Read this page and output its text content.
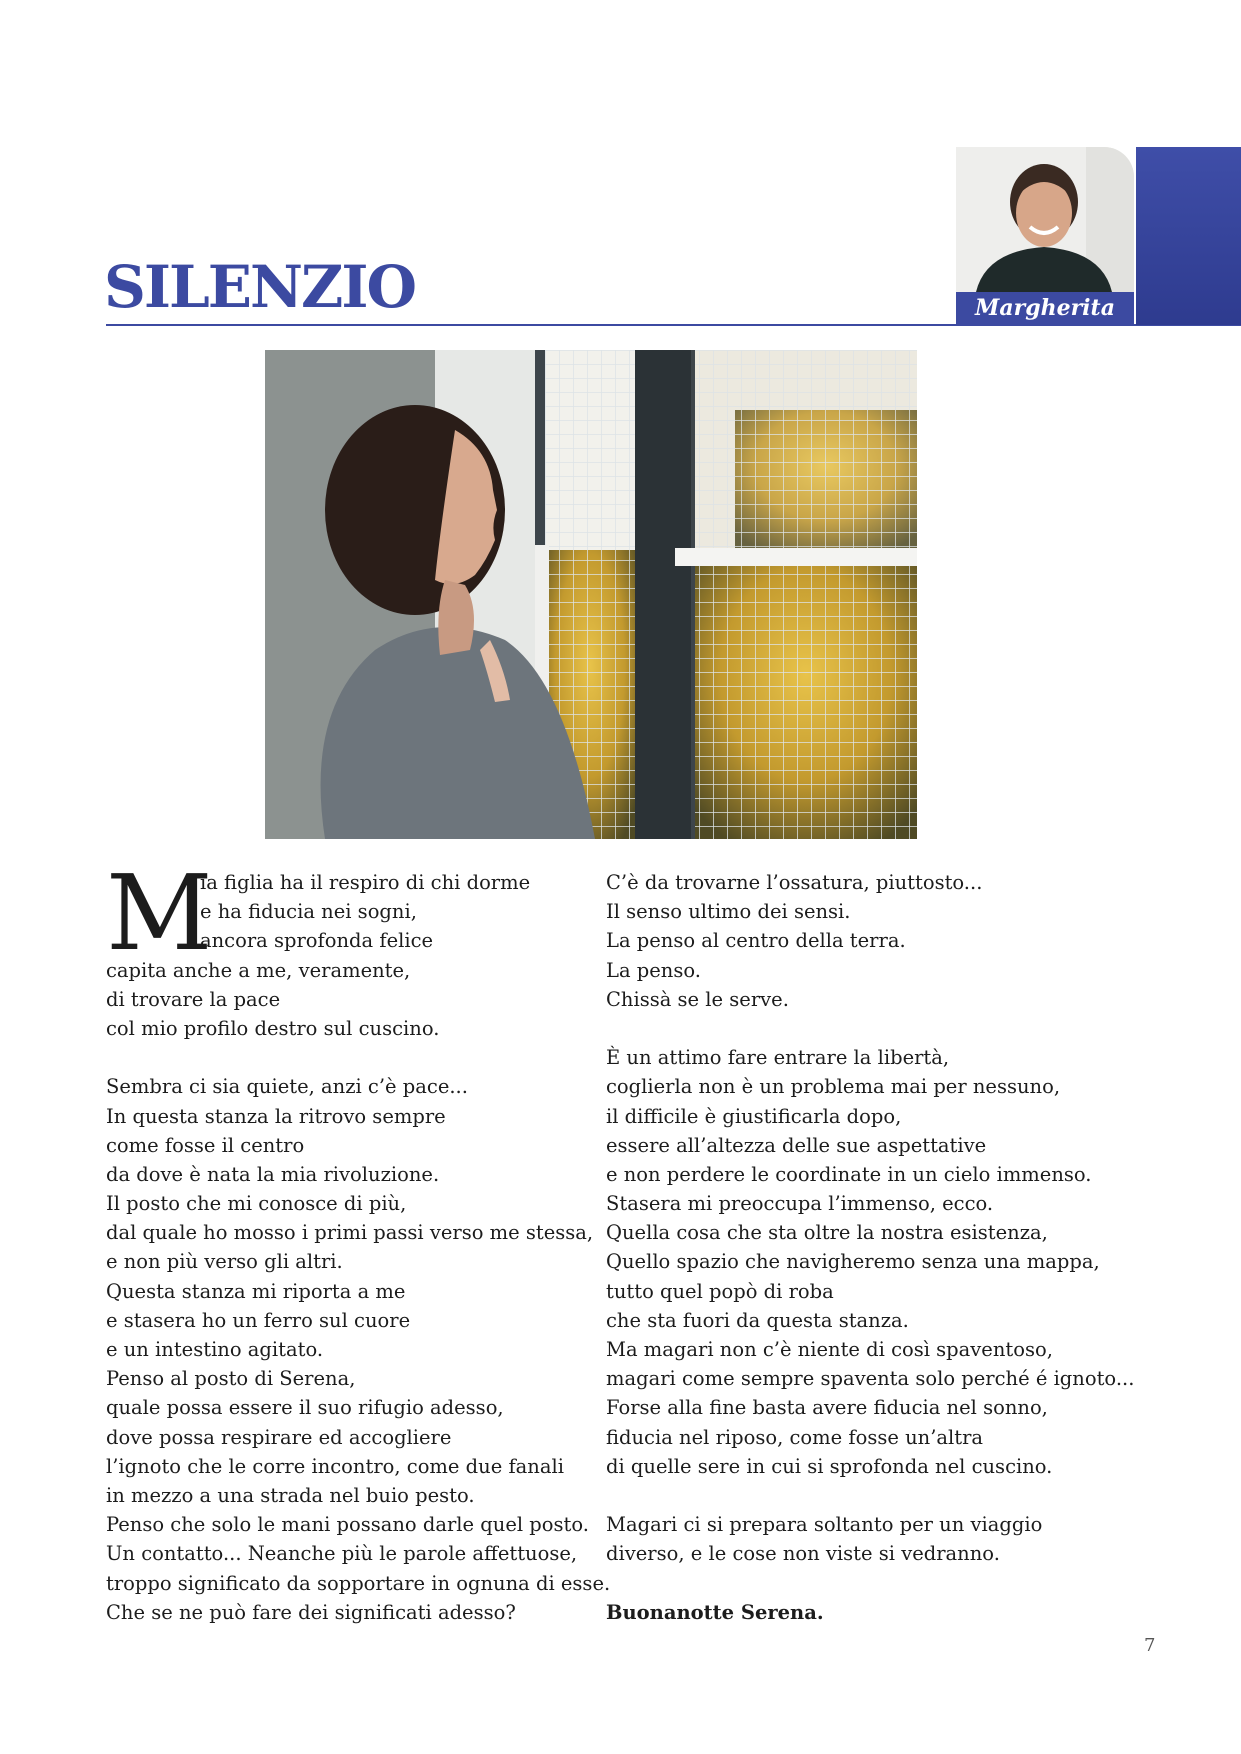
SILENZIO	Margherita
M
ia figlia ha il respiro di chi dorme
e ha fiducia nei sogni,
ancora sprofonda felice
capita anche a me, veramente,
di trovare la pace
col mio profilo destro sul cuscino.
Sembra ci sia quiete, anzi c’è pace...
In questa stanza la ritrovo sempre
come fosse il centro
da dove è nata la mia rivoluzione.
Il posto che mi conosce di più,
dal quale ho mosso i primi passi verso me stessa,
e non più verso gli altri.
Questa stanza mi riporta a me
e stasera ho un ferro sul cuore
e un intestino agitato.
Penso al posto di Serena,
quale possa essere il suo rifugio adesso,
dove possa respirare ed accogliere
l’ignoto che le corre incontro, come due fanali
in mezzo a una strada nel buio pesto.
Penso che solo le mani possano darle quel posto.
Un contatto... Neanche più le parole affettuose,
troppo significato da sopportare in ognuna di esse.
Che se ne può fare dei significati adesso?
C’è da trovarne l’ossatura, piuttosto...
Il senso ultimo dei sensi.
La penso al centro della terra.
La penso.
Chissà se le serve.
È un attimo fare entrare la libertà,
coglierla non è un problema mai per nessuno,
il difficile è giustificarla dopo,
essere all’altezza delle sue aspettative
e non perdere le coordinate in un cielo immenso.
Stasera mi preoccupa l’immenso, ecco.
Quella cosa che sta oltre la nostra esistenza,
Quello spazio che navigheremo senza una mappa,
tutto quel popò di roba
che sta fuori da questa stanza.
Ma magari non c’è niente di così spaventoso,
magari come sempre spaventa solo perché é ignoto...
Forse alla fine basta avere fiducia nel sonno,
fiducia nel riposo, come fosse un’altra
di quelle sere in cui si sprofonda nel cuscino.
Magari ci si prepara soltanto per un viaggio
diverso, e le cose non viste si vedranno.
Buonanotte Serena.
7
